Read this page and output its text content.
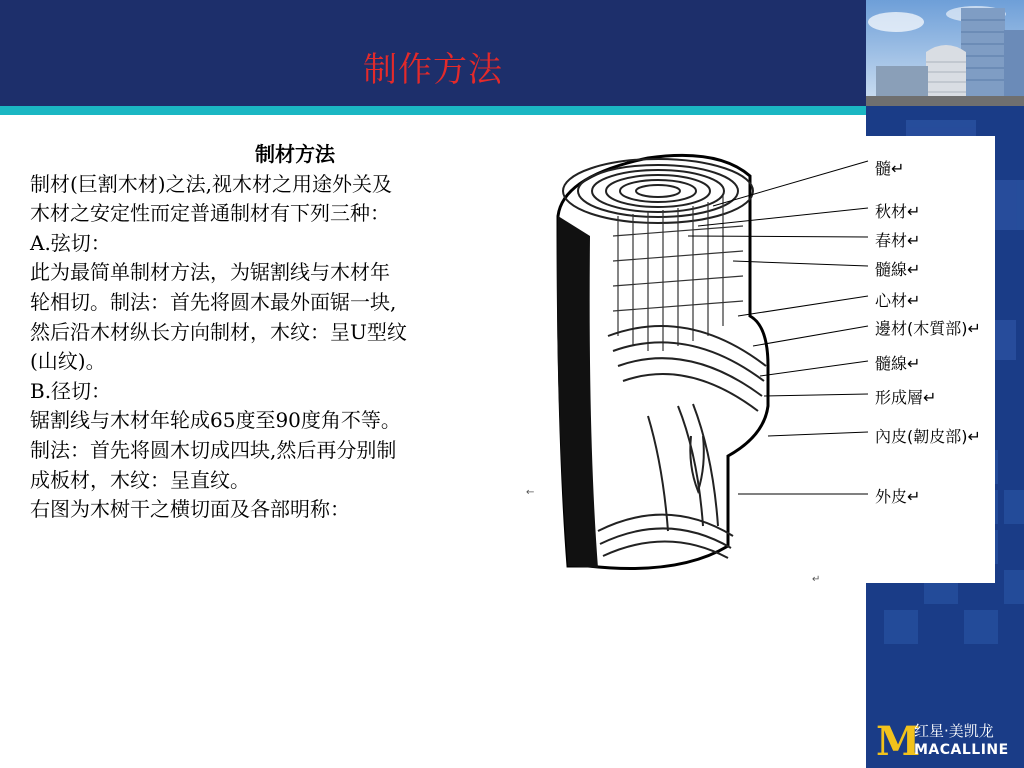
制作方法
制材方法
制材(巨割木材)之法,视木材之用途外关及
木材之安定性而定普通制材有下列三种：
A.弦切：
此为最简单制材方法，为锯割线与木材年
轮相切。制法：首先将圆木最外面锯一块,
然后沿木材纵长方向制材，木纹：呈U型纹
(山纹)。
B.径切：
锯割线与木材年轮成65度至90度角不等。
制法：首先将圆木切成四块,然后再分别制
成板材，木纹：呈直纹。
右图为木树干之横切面及各部明称：
髓↵
秋材↵
春材↵
髓線↵
心材↵
邊材(木質部)↵
髓線↵
形成層↵
內皮(韌皮部)↵
外皮↵
←
↵
M
红星·美凯龙
MACALLINE
